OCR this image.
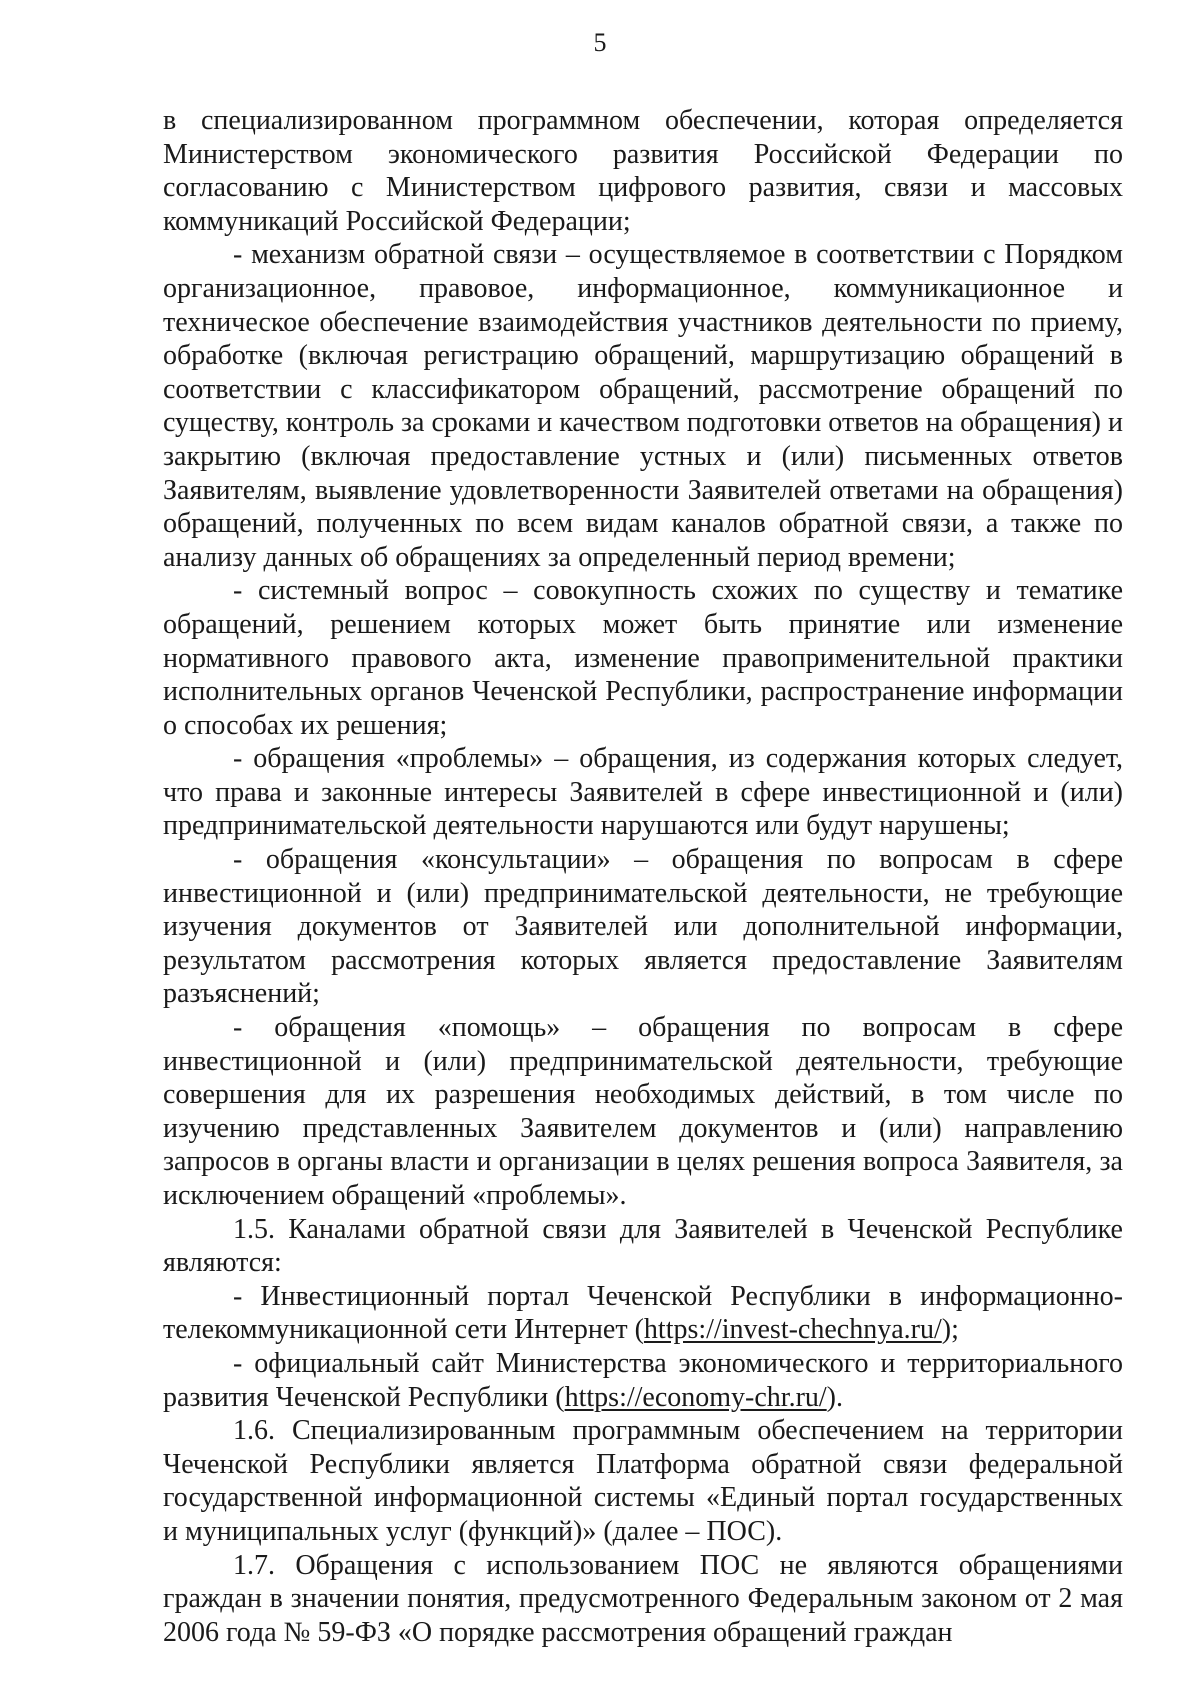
5

в специализированном программном обеспечении, которая определяется Министерством экономического развития Российской Федерации по согласованию с Министерством цифрового развития, связи и массовых коммуникаций Российской Федерации;

- механизм обратной связи – осуществляемое в соответствии с Порядком организационное, правовое, информационное, коммуникационное и техническое обеспечение взаимодействия участников деятельности по приему, обработке (включая регистрацию обращений, маршрутизацию обращений в соответствии с классификатором обращений, рассмотрение обращений по существу, контроль за сроками и качеством подготовки ответов на обращения) и закрытию (включая предоставление устных и (или) письменных ответов Заявителям, выявление удовлетворенности Заявителей ответами на обращения) обращений, полученных по всем видам каналов обратной связи, а также по анализу данных об обращениях за определенный период времени;

- системный вопрос – совокупность схожих по существу и тематике обращений, решением которых может быть принятие или изменение нормативного правового акта, изменение правоприменительной практики исполнительных органов Чеченской Республики, распространение информации о способах их решения;

- обращения «проблемы» – обращения, из содержания которых следует, что права и законные интересы Заявителей в сфере инвестиционной и (или) предпринимательской деятельности нарушаются или будут нарушены;

- обращения «консультации» – обращения по вопросам в сфере инвестиционной и (или) предпринимательской деятельности, не требующие изучения документов от Заявителей или дополнительной информации, результатом рассмотрения которых является предоставление Заявителям разъяснений;

- обращения «помощь» – обращения по вопросам в сфере инвестиционной и (или) предпринимательской деятельности, требующие совершения для их разрешения необходимых действий, в том числе по изучению представленных Заявителем документов и (или) направлению запросов в органы власти и организации в целях решения вопроса Заявителя, за исключением обращений «проблемы».

1.5. Каналами обратной связи для Заявителей в Чеченской Республике являются:

- Инвестиционный портал Чеченской Республики в информационно-телекоммуникационной сети Интернет (https://invest-chechnya.ru/);

- официальный сайт Министерства экономического и территориального развития Чеченской Республики (https://economy-chr.ru/).

1.6. Специализированным программным обеспечением на территории Чеченской Республики является Платформа обратной связи федеральной государственной информационной системы «Единый портал государственных и муниципальных услуг (функций)» (далее – ПОС).

1.7. Обращения с использованием ПОС не являются обращениями граждан в значении понятия, предусмотренного Федеральным законом от 2 мая 2006 года № 59-ФЗ «О порядке рассмотрения обращений граждан
